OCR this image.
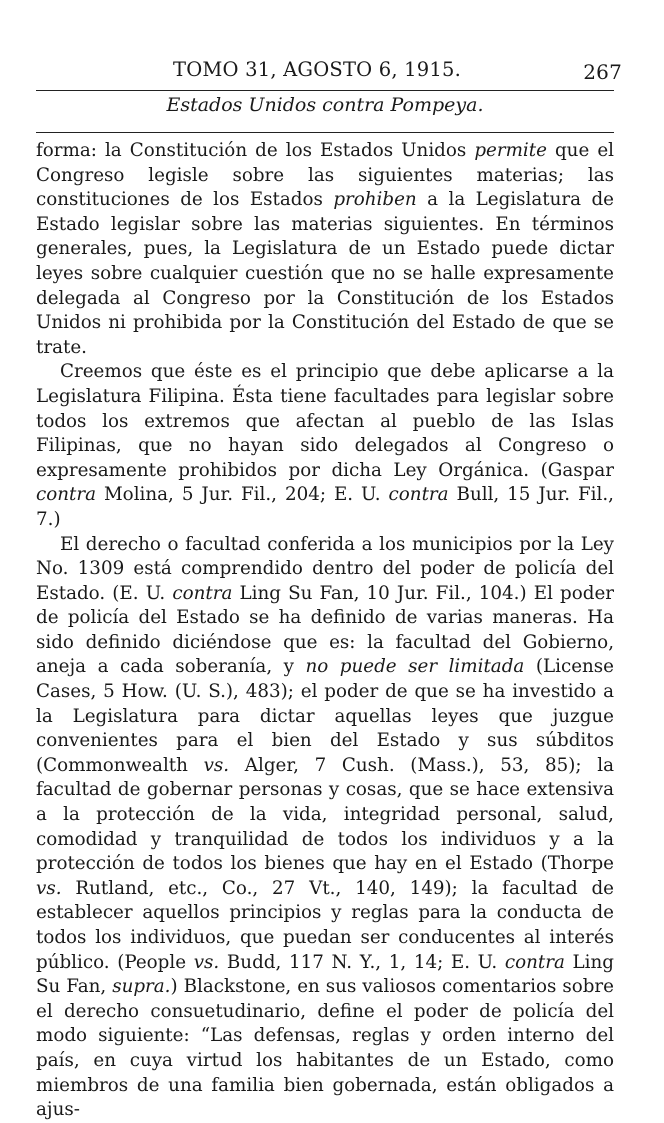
TOMO 31, AGOSTO 6, 1915.	267
Estados Unidos contra Pompeya.

forma: la Constitución de los Estados Unidos permite que el Congreso legisle sobre las siguientes materias; las constituciones de los Estados prohiben a la Legislatura de Estado legislar sobre las materias siguientes. En términos generales, pues, la Legislatura de un Estado puede dictar leyes sobre cualquier cuestión que no se halle expresamente delegada al Congreso por la Constitución de los Estados Unidos ni prohibida por la Constitución del Estado de que se trate.

Creemos que éste es el principio que debe aplicarse a la Legislatura Filipina. Ésta tiene facultades para legislar sobre todos los extremos que afectan al pueblo de las Islas Filipinas, que no hayan sido delegados al Congreso o expresamente prohibidos por dicha Ley Orgánica. (Gaspar contra Molina, 5 Jur. Fil., 204; E. U. contra Bull, 15 Jur. Fil., 7.)

El derecho o facultad conferida a los municipios por la Ley No. 1309 está comprendido dentro del poder de policía del Estado. (E. U. contra Ling Su Fan, 10 Jur. Fil., 104.) El poder de policía del Estado se ha definido de varias maneras. Ha sido definido diciéndose que es: la facultad del Gobierno, aneja a cada soberanía, y no puede ser limitada (License Cases, 5 How. (U. S.), 483); el poder de que se ha investido a la Legislatura para dictar aquellas leyes que juzgue convenientes para el bien del Estado y sus súbditos (Commonwealth vs. Alger, 7 Cush. (Mass.), 53, 85); la facultad de gobernar personas y cosas, que se hace extensiva a la protección de la vida, integridad personal, salud, comodidad y tranquilidad de todos los individuos y a la protección de todos los bienes que hay en el Estado (Thorpe vs. Rutland, etc., Co., 27 Vt., 140, 149); la facultad de establecer aquellos principios y reglas para la conducta de todos los individuos, que puedan ser conducentes al interés público. (People vs. Budd, 117 N. Y., 1, 14; E. U. contra Ling Su Fan, supra.) Blackstone, en sus valiosos comentarios sobre el derecho consuetudinario, define el poder de policía del modo siguiente: “Las defensas, reglas y orden interno del país, en cuya virtud los habitantes de un Estado, como miembros de una familia bien gobernada, están obligados a ajus-
